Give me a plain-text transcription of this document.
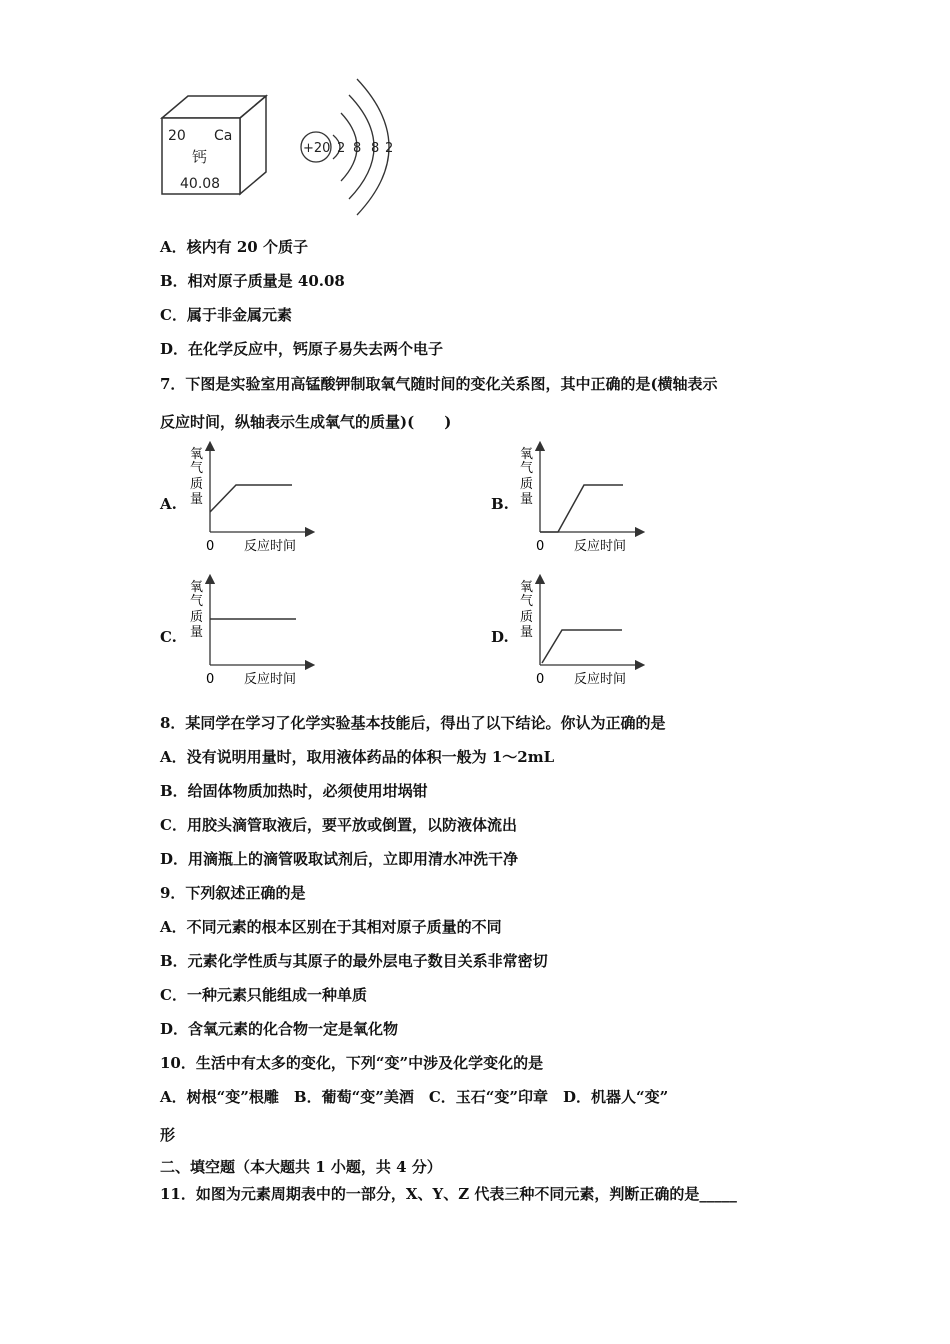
20 Ca
钙
40.08
+20 2 8 8 2
A．核内有 20 个质子
B．相对原子质量是 40.08
C．属于非金属元素
D．在化学反应中，钙原子易失去两个电子
7．下图是实验室用高锰酸钾制取氧气随时间的变化关系图，其中正确的是(横轴表示
反应时间，纵轴表示生成氧气的质量)(　　)
A.
氧
气
质
量
0 反应时间
B.
氧
气
质
量
0 反应时间
C.
氧
气
质
量
0 反应时间
D.
氧
气
质
量
0 反应时间
8．某同学在学习了化学实验基本技能后，得出了以下结论。你认为正确的是
A．没有说明用量时，取用液体药品的体积一般为 1～2mL
B．给固体物质加热时，必须使用坩埚钳
C．用胶头滴管取液后，要平放或倒置，以防液体流出
D．用滴瓶上的滴管吸取试剂后，立即用清水冲洗干净
9．下列叙述正确的是
A．不同元素的根本区别在于其相对原子质量的不同
B．元素化学性质与其原子的最外层电子数目关系非常密切
C．一种元素只能组成一种单质
D．含氧元素的化合物一定是氧化物
10．生活中有太多的变化，下列“变”中涉及化学变化的是
A．树根“变”根雕　B．葡萄“变”美酒　C．玉石“变”印章　D．机器人“变”
形
二、填空题（本大题共 1 小题，共 4 分）
11．如图为元素周期表中的一部分，X、Y、Z 代表三种不同元素，判断正确的是_____
